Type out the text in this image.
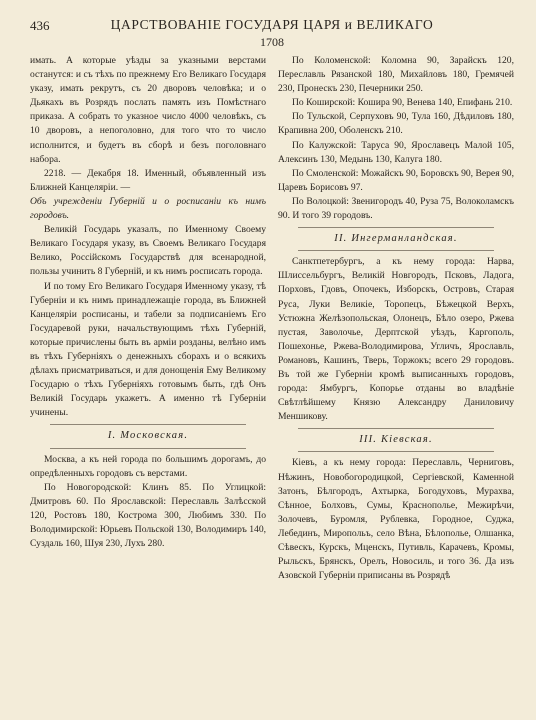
436	ЦАРСТВОВАНІЕ ГОСУДАРЯ ЦАРЯ и ВЕЛИКАГО
1708

имать. А которые уѣзды за указными верстами останутся: и съ тѣхъ по прежнему Его Великаго Государя указу, имать рекрутъ, съ 20 дворовъ человѣка; и о Дьякахъ въ Розрядъ послать память изъ Помѣстнаго приказа. А собрать то указное число 4000 человѣкъ, съ 10 дворовъ, а непоголовно, для того что то число исполнится, и будетъ въ сборѣ и безъ поголовнаго набора.

2218. — Декабря 18. Именный, объявленный изъ Ближней Канцеляріи. —

Объ учрежденіи Губерній и о росписаніи къ нимъ городовъ.

Великій Государь указалъ, по Именному Своему Великаго Государя указу, въ Своемъ Великаго Государя Велико, Россійскомъ Государствѣ для всенародной, пользы учинить 8 Губерній, и къ нимъ росписать города.

И по тому Его Великаго Государя Именному указу, тѣ Губерніи и къ нимъ принадлежащіе города, въ Ближней Канцеляріи росписаны, и табели за подписаніемъ Его Государевой руки, начальствующимъ тѣхъ Губерній, которые причислены быть въ арміи розданы, велѣно имъ въ тѣхъ Губерніяхъ о денежныхъ сборахъ и о всякихъ дѣлахъ присматриваться, и для донощенія Ему Великому Государю о тѣхъ Губерніяхъ готовымъ быть, гдѣ Онъ Великій Государь укажетъ. А именно тѣ Губерніи учинены.

I. Московская.

Москва, а къ ней города по большимъ дорогамъ, до опредѣленныхъ городовъ съ верстами.

По Новогородской: Клинъ 85. По Углицкой: Дмитровъ 60. По Ярославской: Переславль Залѣсской 120, Ростовъ 180, Кострома 300, Любимъ 330. По Володимирской: Юрьевъ Польской 130, Володимиръ 140, Суздаль 160, Шуя 230, Лухъ 280.

По Коломенской: Коломна 90, Зарайскъ 120, Переславль Рязанской 180, Михайловъ 180, Гремячей 230, Пронескъ 230, Печерники 250.

По Коширской: Кошира 90, Венева 140, Епифань 210.

По Тульской, Серпуховъ 90, Тула 160, Дѣдиловъ 180, Крапивна 200, Оболенскъ 210.

По Калужской: Таруса 90, Ярославецъ Малой 105, Алексинъ 130, Медынь 130, Калуга 180.

По Смоленской: Можайскъ 90, Боровскъ 90, Верея 90, Царевъ Борисовъ 97.

По Волоцкой: Звенигородъ 40, Руза 75, Волоколамскъ 90. И того 39 городовъ.

II. Ингерманландская.

Санктпетербургъ, а къ нему города: Нарва, Шлиссельбургъ, Великій Новгородъ, Псковъ, Ладога, Порховъ, Гдовъ, Опочекъ, Изборскъ, Островъ, Старая Руса, Луки Великіе, Торопецъ, Бѣжецкой Верхъ, Устюжна Желѣзопольская, Олонецъ, Бѣло озеро, Ржева пустая, Заволочье, Дерптской уѣздъ, Каргополь, Пошехонье, Ржева-Володимирова, Угличъ, Ярославль, Романовъ, Кашинъ, Тверь, Торжокъ; всего 29 городовъ. Въ той же Губерніи кромѣ выписанныхъ городовъ, города: Ямбургъ, Копорье отданы во владѣніе Свѣтлѣйшему Князю Александру Даниловичу Меншикову.

III. Кіевская.

Кіевъ, а къ нему города: Переславль, Черниговъ, Нѣжинъ, Новобогородицкой, Сергіевской, Каменной Затонъ, Бѣлгородъ, Ахтырка, Богодуховъ, Мурахва, Сѣнное, Болховъ, Сумы, Краснополье, Межирѣчи, Золочевъ, Буромля, Рублевка, Городное, Суджа, Лебединъ, Миропольъ, село Вѣна, Бѣлополье, Олшанка, Сѣвескъ, Курскъ, Мценскъ, Путивль, Карачевъ, Кромы, Рыльскъ, Брянскъ, Орелъ, Новосиль, и того 36. Да изъ Азовской Губерніи приписаны въ Розрядѣ
